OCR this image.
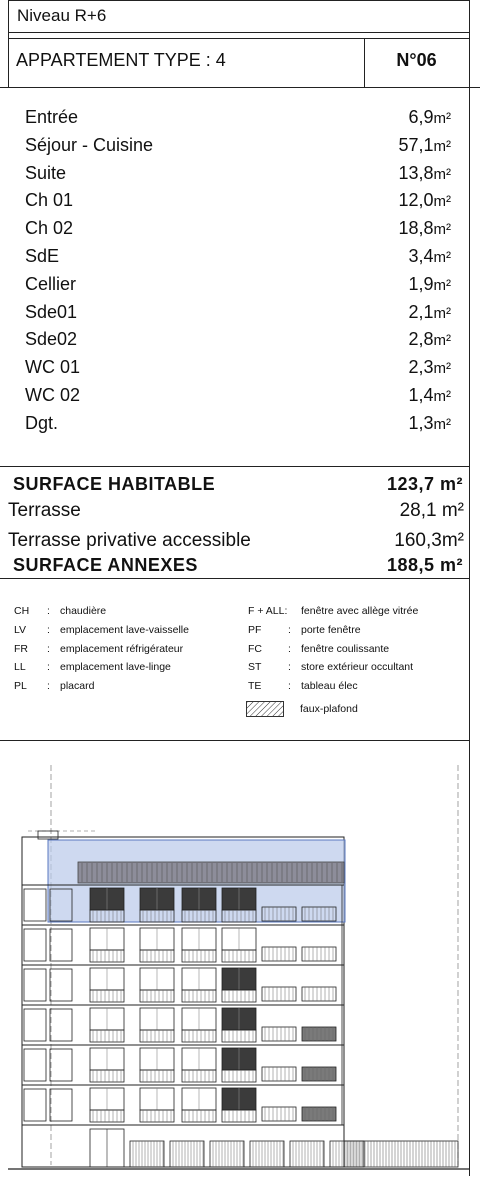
Niveau R+6
APPARTEMENT TYPE : 4	N°06
Entrée	6,9m²
Séjour - Cuisine	57,1m²
Suite	13,8m²
Ch 01	12,0m²
Ch 02	18,8m²
SdE	3,4m²
Cellier	1,9m²
Sde01	2,1m²
Sde02	2,8m²
WC 01	2,3m²
WC 02	1,4m²
Dgt.	1,3m²
SURFACE HABITABLE	123,7 m²
Terrasse	28,1 m²
Terrasse privative accessible	160,3m²
SURFACE ANNEXES	188,5 m²
CH : chaudière
LV : emplacement lave-vaisselle
FR : emplacement réfrigérateur
LL : emplacement lave-linge
PL : placard
F + ALL: fenêtre avec allège vitrée
PF	: porte fenêtre
FC : fenêtre coulissante
ST	: store extérieur occultant
TE	: tableau élec
faux-plafond
